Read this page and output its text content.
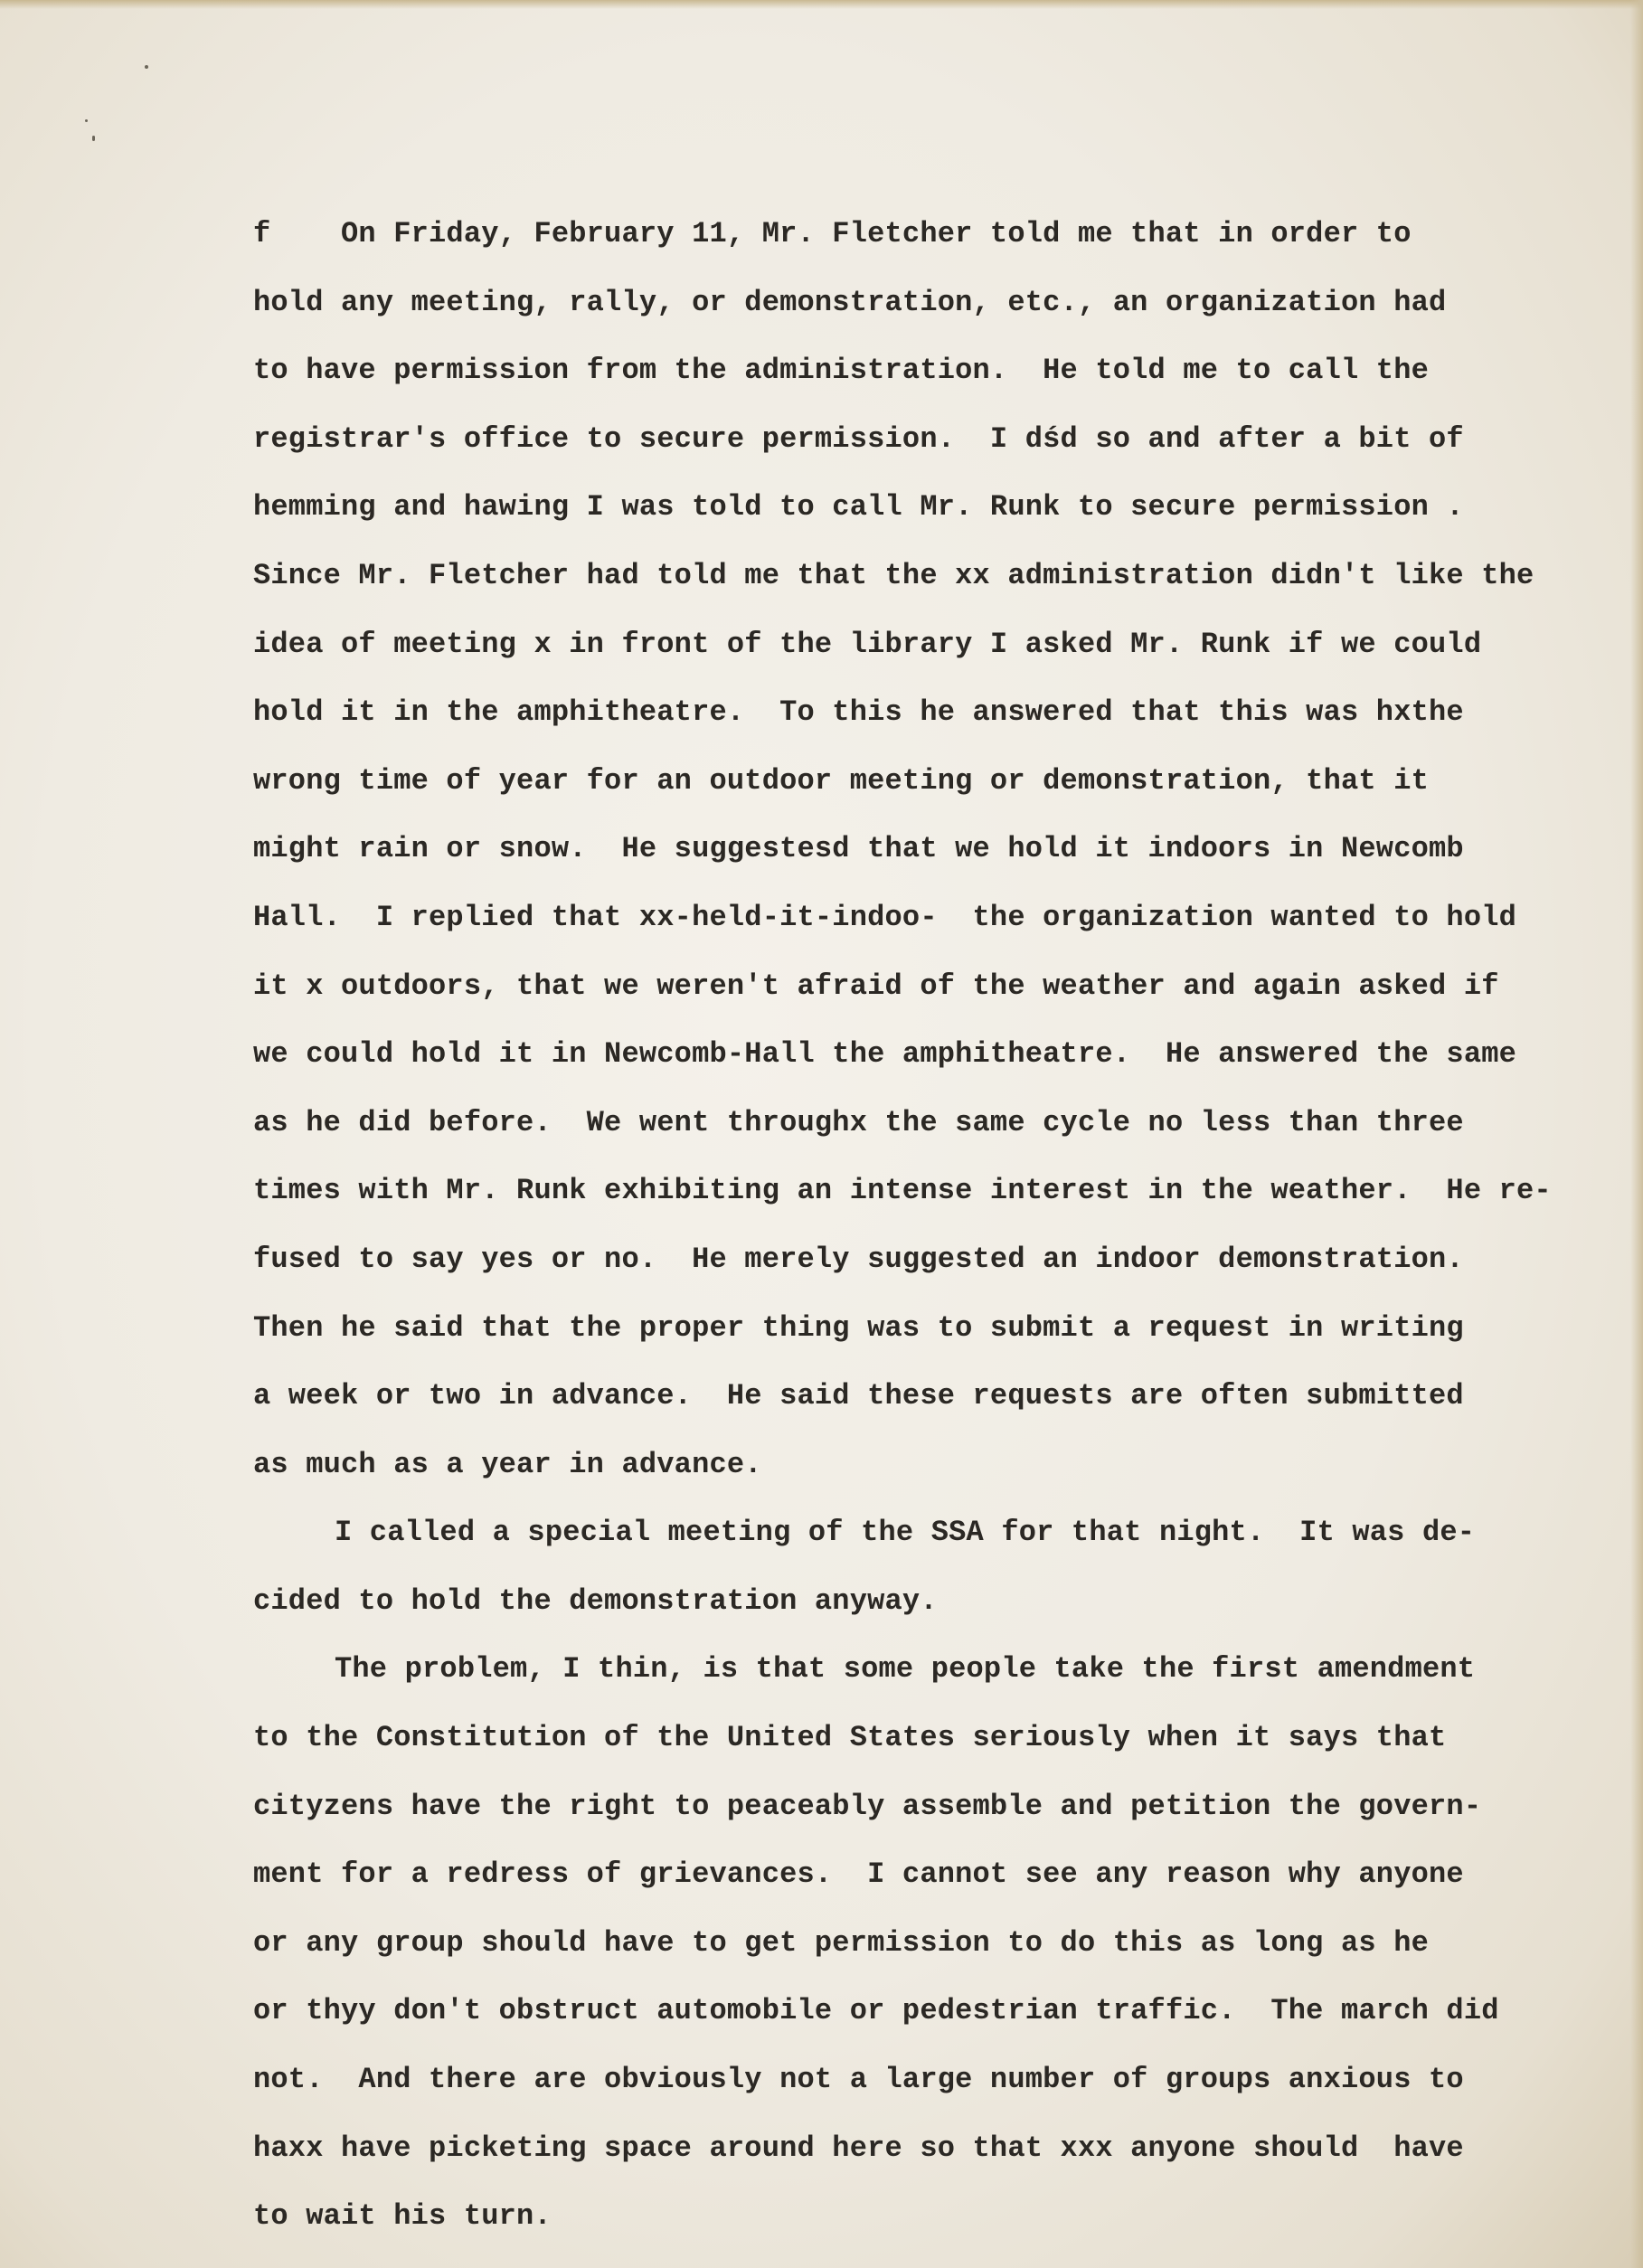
f    On Friday, February 11, Mr. Fletcher told me that in order to
hold any meeting, rally, or demonstration, etc., an organization had
to have permission from the administration.  He told me to call the
registrar's office to secure permission.  I dśd so and after a bit of
hemming and hawing I was told to call Mr. Runk to secure permission .
Since Mr. Fletcher had told me that the xx administration didn't like the
idea of meeting x in front of the library I asked Mr. Runk if we could
hold it in the amphitheatre.  To this he answered that this was hxthe
wrong time of year for an outdoor meeting or demonstration, that it
might rain or snow.  He suggestesd that we hold it indoors in Newcomb
Hall.  I replied that xx-held-it-indoo-  the organization wanted to hold
it x outdoors, that we weren't afraid of the weather and again asked if
we could hold it in Newcomb-Hall the amphitheatre.  He answered the same
as he did before.  We went throughx the same cycle no less than three
times with Mr. Runk exhibiting an intense interest in the weather.  He re-
fused to say yes or no.  He merely suggested an indoor demonstration.
Then he said that the proper thing was to submit a request in writing
a week or two in advance.  He said these requests are often submitted
as much as a year in advance.
I called a special meeting of the SSA for that night.  It was de-
cided to hold the demonstration anyway.
The problem, I thin, is that some people take the first amendment
to the Constitution of the United States seriously when it says that
cityzens have the right to peaceably assemble and petition the govern-
ment for a redress of grievances.  I cannot see any reason why anyone
or any group should have to get permission to do this as long as he
or thyy don't obstruct automobile or pedestrian traffic.  The march did
not.  And there are obviously not a large number of groups anxious to
haxx have picketing space around here so that xxx anyone should  have
to wait his turn.
